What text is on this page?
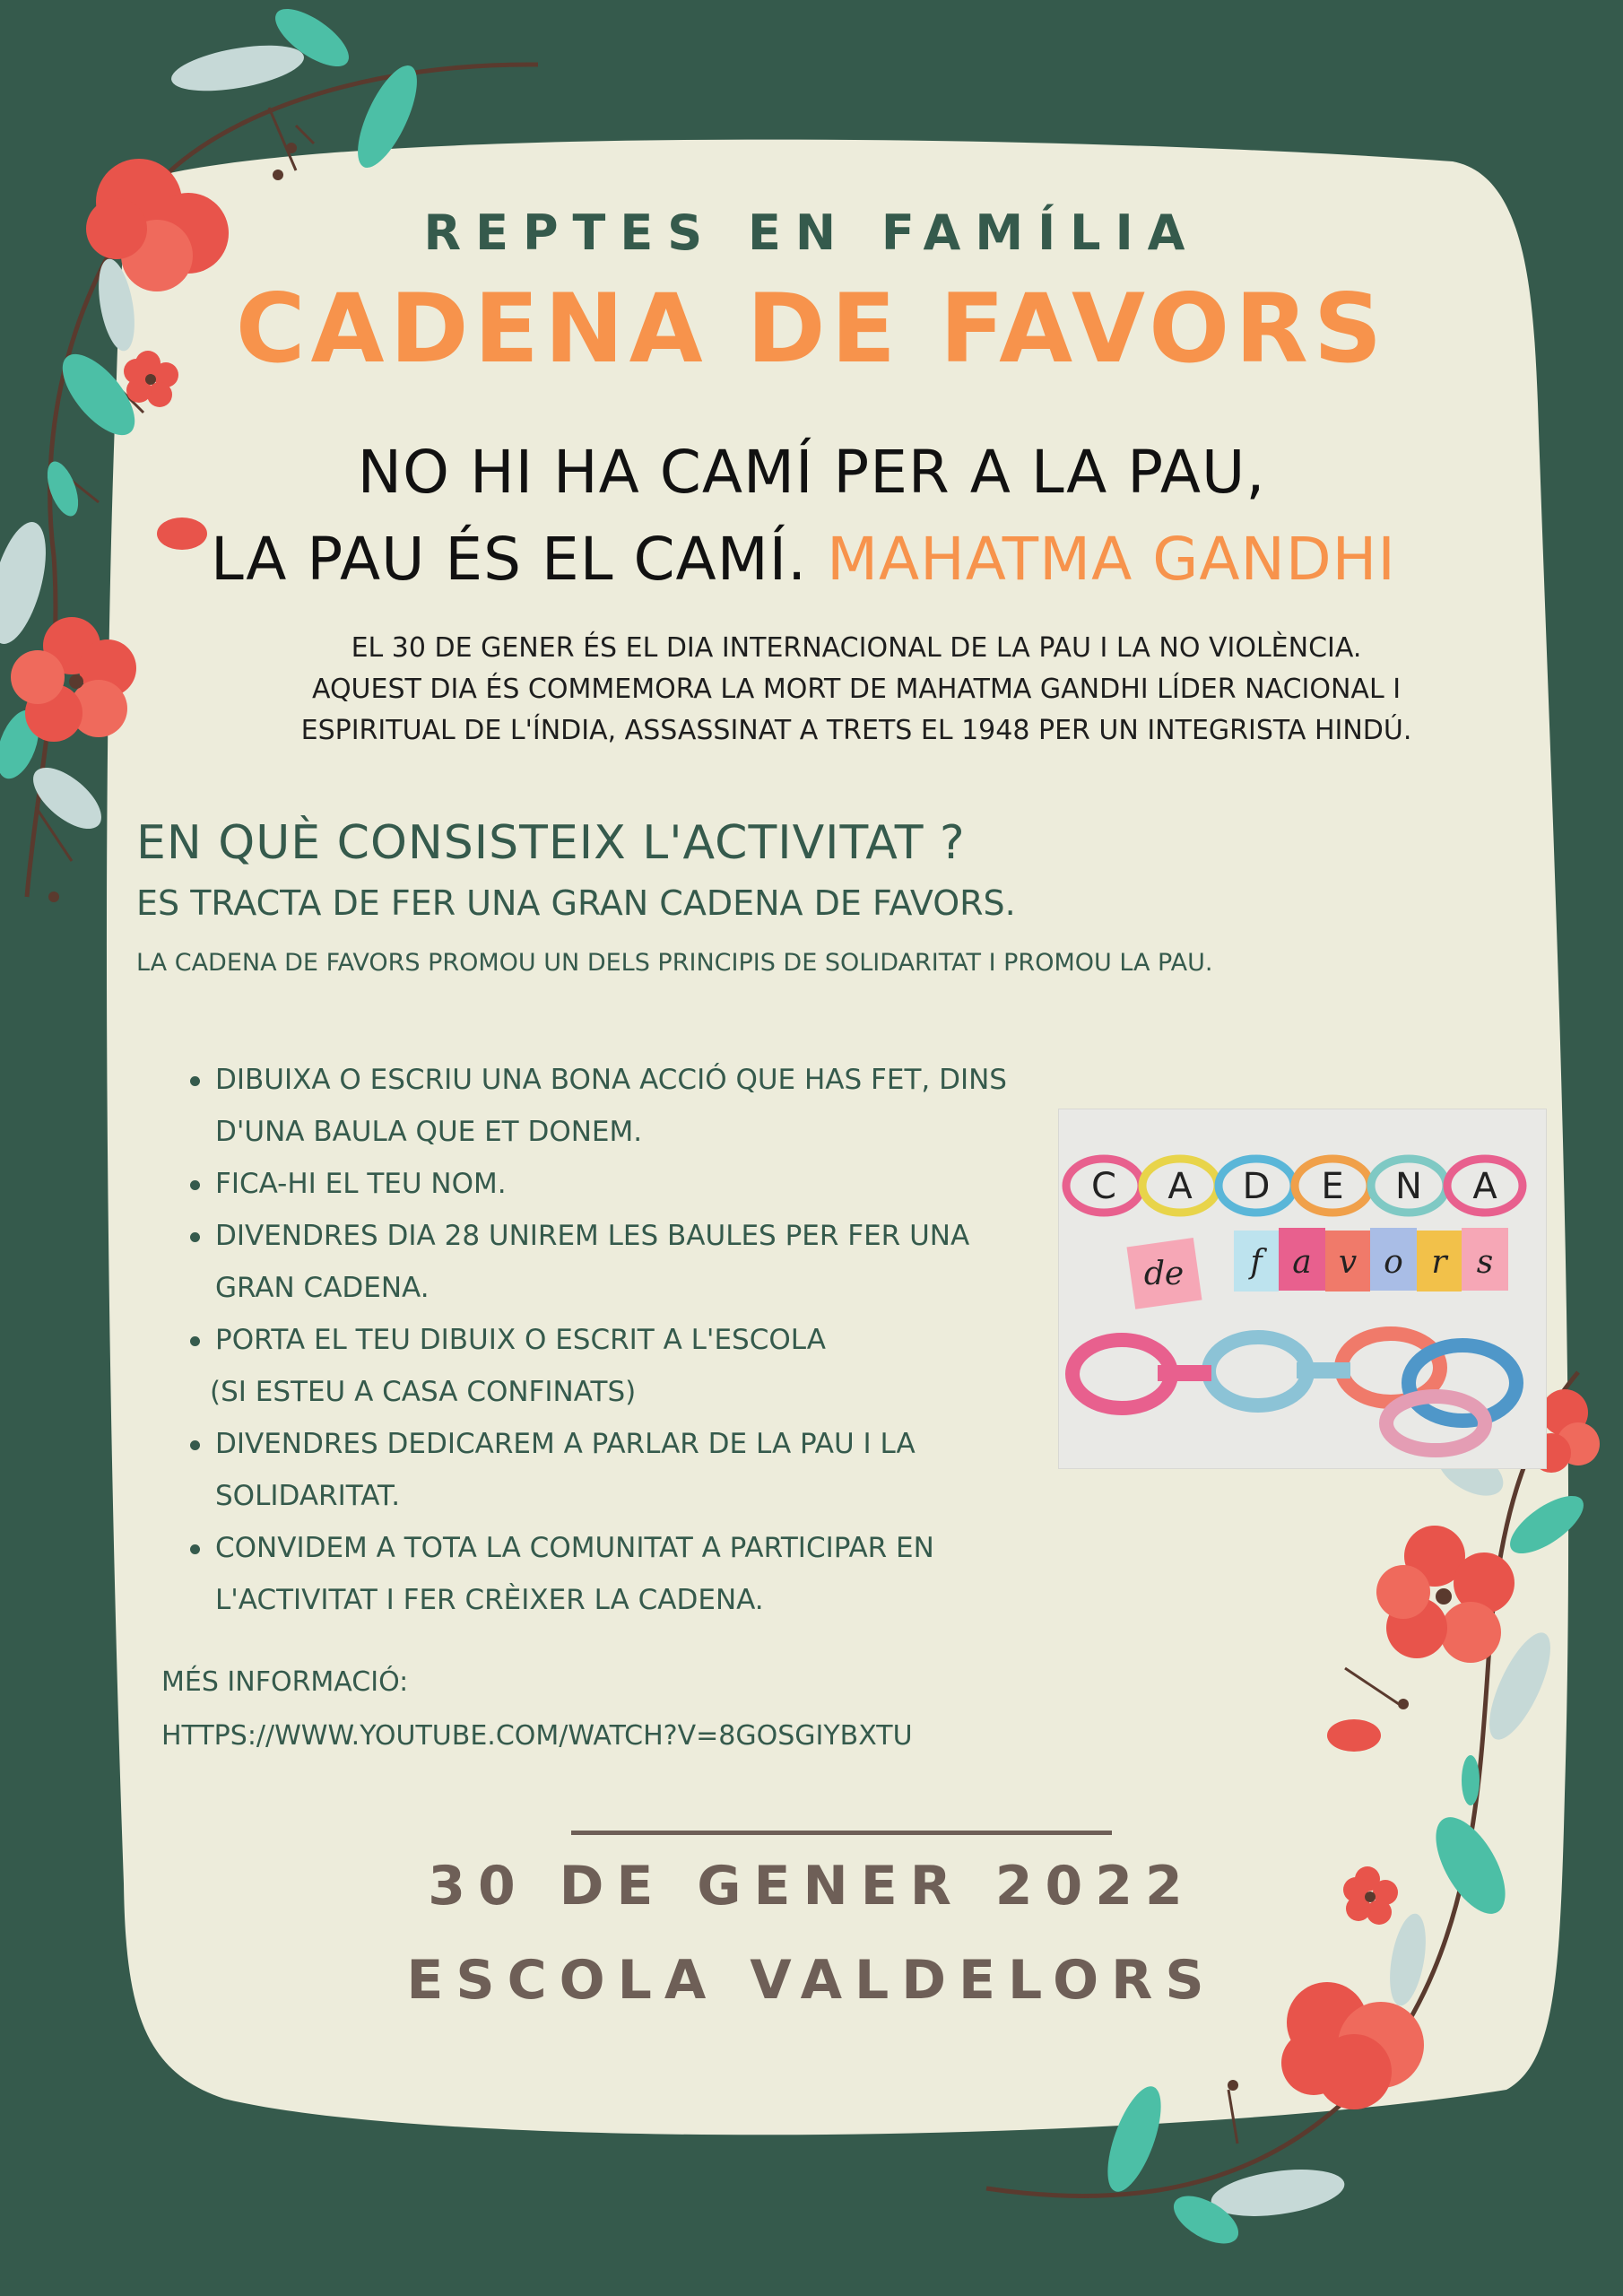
REPTES EN FAMÍLIA
CADENA DE FAVORS
NO HI HA CAMÍ PER A LA PAU,
LA PAU ÉS EL CAMÍ. MAHATMA GANDHI
EL 30 DE GENER ÉS EL DIA INTERNACIONAL DE LA PAU I LA NO VIOLÈNCIA.
AQUEST DIA ÉS COMMEMORA LA MORT DE MAHATMA GANDHI LÍDER NACIONAL I
ESPIRITUAL DE L'ÍNDIA, ASSASSINAT A TRETS EL 1948 PER UN INTEGRISTA HINDÚ.
EN QUÈ CONSISTEIX L'ACTIVITAT ?
ES TRACTA DE FER UNA GRAN CADENA DE FAVORS.
LA CADENA DE FAVORS PROMOU UN DELS PRINCIPIS DE SOLIDARITAT I PROMOU LA PAU.
DIBUIXA O ESCRIU UNA BONA ACCIÓ QUE HAS FET, DINS
D'UNA BAULA QUE ET DONEM.
FICA-HI EL TEU NOM.
DIVENDRES DIA 28 UNIREM LES BAULES PER FER UNA
GRAN CADENA.
PORTA EL TEU DIBUIX O ESCRIT A L'ESCOLA
(SI ESTEU A CASA CONFINATS)
DIVENDRES DEDICAREM A PARLAR DE LA PAU I LA
SOLIDARITAT.
CONVIDEM A TOTA LA COMUNITAT A PARTICIPAR EN
L'ACTIVITAT I FER CRÈIXER LA CADENA.
C A D E N A
de f a v o r s
MÉS INFORMACIÓ:
HTTPS://WWW.YOUTUBE.COM/WATCH?V=8GOSGIYBXTU
30 DE GENER 2022
ESCOLA VALDELORS
